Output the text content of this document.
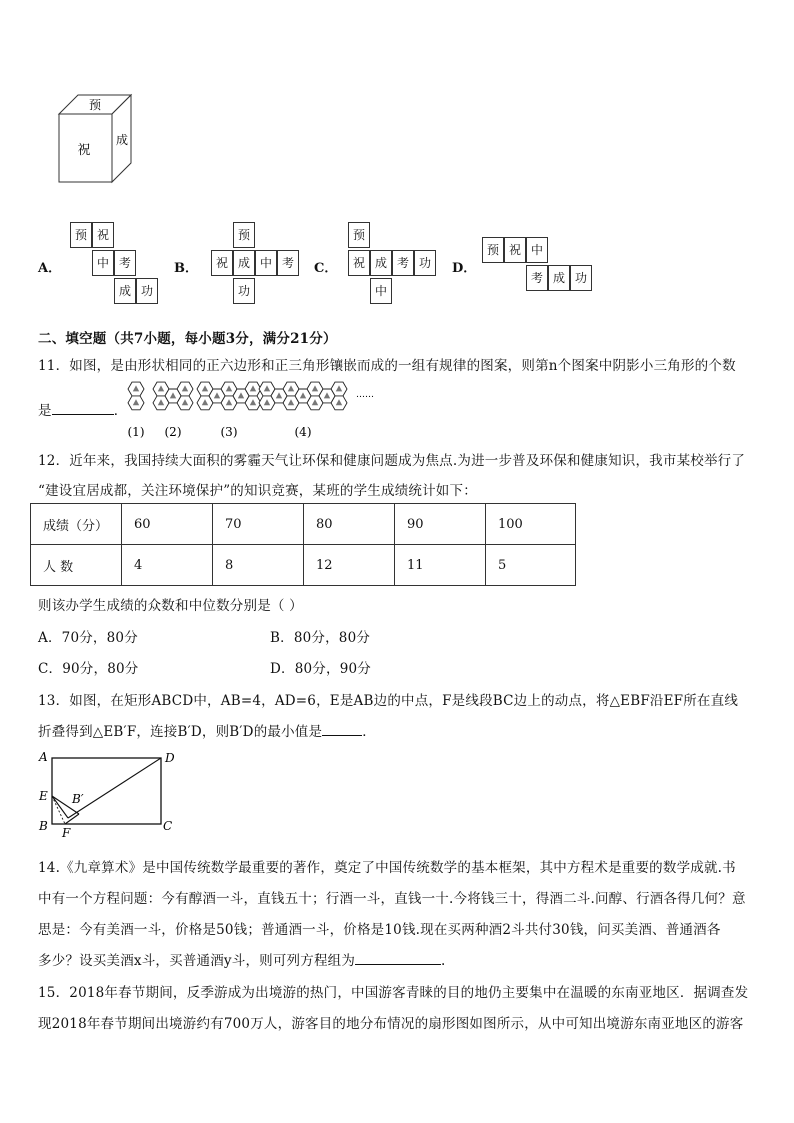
预
祝
成
A．
预 祝
中 考
成 功
B．
预
祝 成 中 考
功
C．
预
祝 成 考 功
中
D．
预 祝 中
考 成 功
二、填空题（共7小题，每小题3分，满分21分）
11．如图，是由形状相同的正六边形和正三角形镶嵌而成的一组有规律的图案，则第n个图案中阴影小三角形的个数
是	．
(1) (2)	(3)	(4)
……
12．近年来，我国持续大面积的雾霾天气让环保和健康问题成为焦点.为进一步普及环保和健康知识，我市某校举行了
“建设宜居成都，关注环境保护”的知识竞赛，某班的学生成绩统计如下：
成绩（分）	60	70	80	90	100
人 数	4	8	12	11	5
则该办学生成绩的众数和中位数分别是（ ）
A．70分，80分	B．80分，80分
C．90分，80分	D．80分，90分
13．如图，在矩形ABCD中，AB=4，AD=6，E是AB边的中点，F是线段BC边上的动点，将△EBF沿EF所在直线
折叠得到△EB′F，连接B′D，则B′D的最小值是	．
A	D
E B′
B F	C
14.《九章算术》是中国传统数学最重要的著作，奠定了中国传统数学的基本框架，其中方程术是重要的数学成就.书
中有一个方程问题：今有醇酒一斗，直钱五十；行酒一斗，直钱一十.今将钱三十，得酒二斗.问醇、行酒各得几何？意
思是：今有美酒一斗，价格是50钱；普通酒一斗，价格是10钱.现在买两种酒2斗共付30钱，问买美酒、普通酒各
多少？设买美酒x斗，买普通酒y斗，则可列方程组为	.
15．2018年春节期间，反季游成为出境游的热门，中国游客青睐的目的地仍主要集中在温暖的东南亚地区．据调查发
现2018年春节期间出境游约有700万人，游客目的地分布情况的扇形图如图所示，从中可知出境游东南亚地区的游客
